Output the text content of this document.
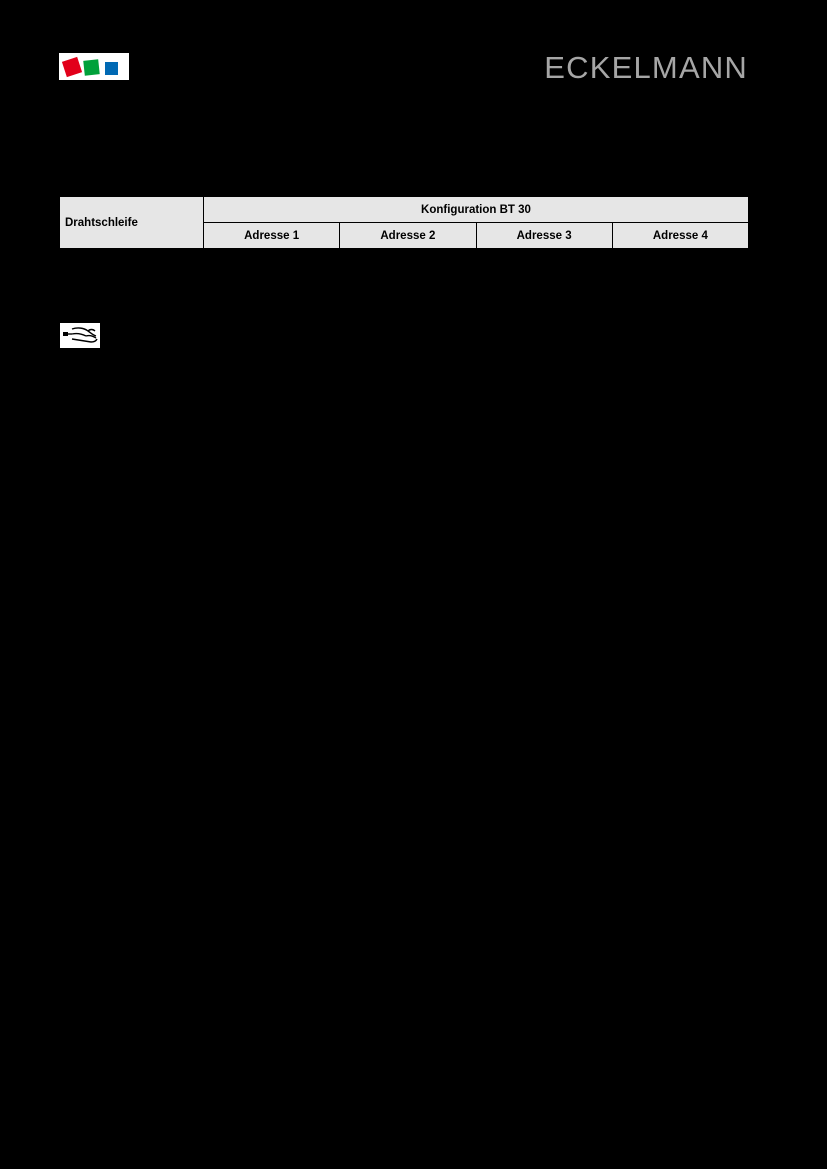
ECKELMANN
Drahtschleife	Konfiguration BT 30			
	Adresse 1	Adresse 2	Adresse 3	Adresse 4
